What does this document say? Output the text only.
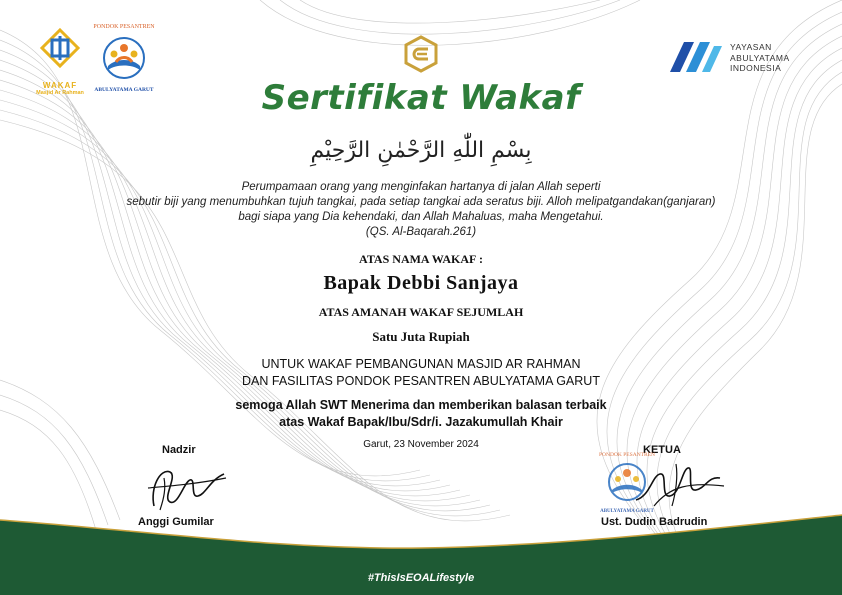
WAKAF
Masjid Ar Rahman
PONDOK PESANTREN
ABULYATAMA GARUT
YAYASAN
ABULYATAMA
INDONESIA
Sertifikat Wakaf
بِسْمِ اللّٰهِ الرَّحْمٰنِ الرَّحِيْمِ
Perumpamaan orang yang menginfakan hartanya di jalan Allah seperti
sebutir biji yang menumbuhkan tujuh tangkai, pada setiap tangkai ada seratus biji. Alloh melipatgandakan(ganjaran)
bagi siapa yang Dia kehendaki, dan Allah Mahaluas, maha Mengetahui.
(QS. Al-Baqarah.261)
ATAS NAMA WAKAF :
Bapak Debbi Sanjaya
ATAS AMANAH WAKAF SEJUMLAH
Satu Juta Rupiah
UNTUK WAKAF PEMBANGUNAN MASJID AR RAHMAN
DAN FASILITAS PONDOK PESANTREN ABULYATAMA GARUT
semoga Allah SWT Menerima dan memberikan balasan terbaik
atas Wakaf Bapak/Ibu/Sdr/i. Jazakumullah Khair
Garut, 23 November 2024
Nadzir
Anggi Gumilar
KETUA
PONDOK PESANTREN
ABULYATAMA GARUT
Ust. Dudin Badrudin
#ThisIsEOALifestyle
